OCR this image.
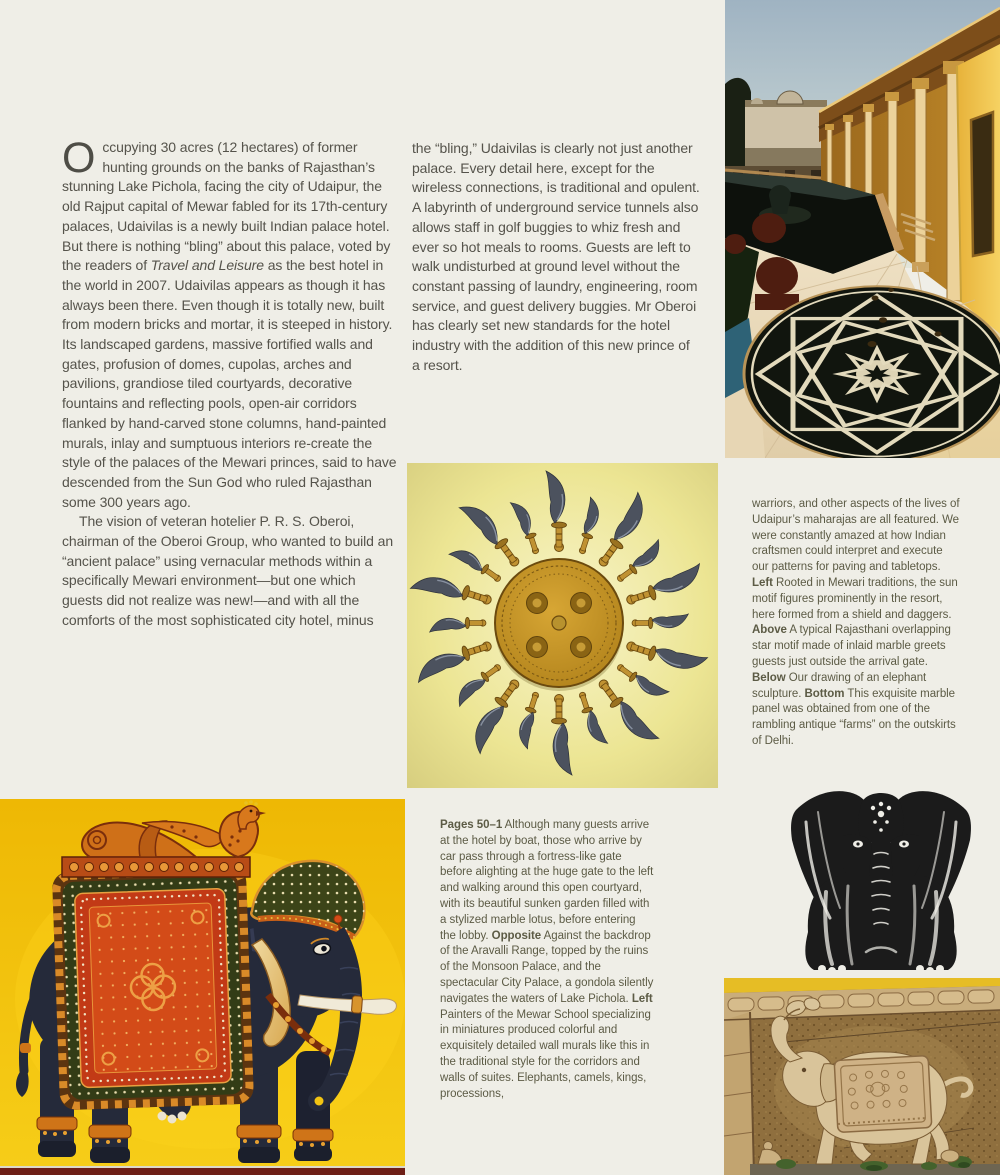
Occupying 30 acres (12 hectares) of former hunting grounds on the banks of Rajasthan’s stunning Lake Pichola, facing the city of Udaipur, the old Rajput capital of Mewar fabled for its 17th-century palaces, Udaivilas is a newly built Indian palace hotel. But there is nothing “bling” about this palace, voted by the readers of Travel and Leisure as the best hotel in the world in 2007. Udaivilas appears as though it has always been there. Even though it is totally new, built from modern bricks and mortar, it is steeped in history. Its landscaped gardens, massive fortified walls and gates, profusion of domes, cupolas, arches and pavilions, grandiose tiled courtyards, decorative fountains and reflecting pools, open-air corridors flanked by hand-carved stone columns, hand-painted murals, inlay and sumptuous interiors re-create the style of the palaces of the Mewari princes, said to have descended from the Sun God who ruled Rajasthan some 300 years ago.

The vision of veteran hotelier P. R. S. Oberoi, chairman of the Oberoi Group, who wanted to build an “ancient palace” using vernacular methods within a specifically Mewari environment—but one which guests did not realize was new!—and with all the comforts of the most sophisticated city hotel, minus

the “bling,” Udaivilas is clearly not just another palace. Every detail here, except for the wireless connections, is traditional and opulent. A labyrinth of underground service tunnels also allows staff in golf buggies to whiz fresh and ever so hot meals to rooms. Guests are left to walk undisturbed at ground level without the constant passing of laundry, engineering, room service, and guest delivery buggies. Mr Oberoi has clearly set new standards for the hotel industry with the addition of this new prince of a resort.

warriors, and other aspects of the lives of Udaipur’s maharajas are all featured. We were constantly amazed at how Indian craftsmen could interpret and execute our patterns for paving and tabletops. Left Rooted in Mewari traditions, the sun motif figures prominently in the resort, here formed from a shield and daggers. Above A typical Rajasthani overlapping star motif made of inlaid marble greets guests just outside the arrival gate. Below Our drawing of an elephant sculpture. Bottom This exquisite marble panel was obtained from one of the rambling antique “farms” on the outskirts of Delhi.
Pages 50–1 Although many guests arrive at the hotel by boat, those who arrive by car pass through a fortress-like gate before alighting at the huge gate to the left and walking around this open courtyard, with its beautiful sunken garden filled with a stylized marble lotus, before entering the lobby. Opposite Against the backdrop of the Aravalli Range, topped by the ruins of the Monsoon Palace, and the spectacular City Palace, a gondola silently navigates the waters of Lake Pichola. Left Painters of the Mewar School specializing in miniatures produced colorful and exquisitely detailed wall murals like this in the traditional style for the corridors and walls of suites. Elephants, camels, kings, processions,
